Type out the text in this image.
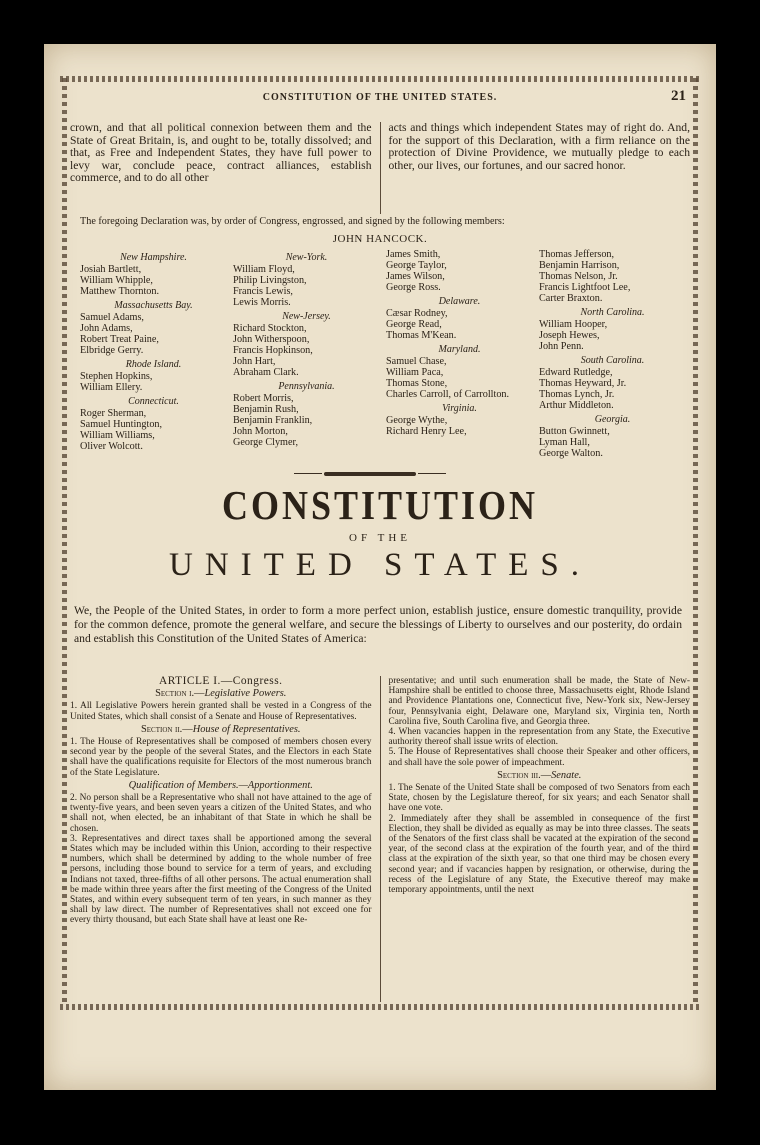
CONSTITUTION OF THE UNITED STATES.	21

crown, and that all political connexion between them and the State of Great Britain, is, and ought to be, totally dissolved; and that, as Free and Independent States, they have full power to levy war, conclude peace, contract alliances, establish commerce, and to do all other

acts and things which independent States may of right do. And, for the support of this Declaration, with a firm reliance on the protection of Divine Providence, we mutually pledge to each other, our lives, our fortunes, and our sacred honor.

The foregoing Declaration was, by order of Congress, engrossed, and signed by the following members:
JOHN HANCOCK.
New Hampshire.
Josiah Bartlett,
William Whipple,
Matthew Thornton.
Massachusetts Bay.
Samuel Adams,
John Adams,
Robert Treat Paine,
Elbridge Gerry.
Rhode Island.
Stephen Hopkins,
William Ellery.
Connecticut.
Roger Sherman,
Samuel Huntington,
William Williams,
Oliver Wolcott.
New-York.
William Floyd,
Philip Livingston,
Francis Lewis,
Lewis Morris.
New-Jersey.
Richard Stockton,
John Witherspoon,
Francis Hopkinson,
John Hart,
Abraham Clark.
Pennsylvania.
Robert Morris,
Benjamin Rush,
Benjamin Franklin,
John Morton,
George Clymer,
James Smith,
George Taylor,
James Wilson,
George Ross.
Delaware.
Cæsar Rodney,
George Read,
Thomas M'Kean.
Maryland.
Samuel Chase,
William Paca,
Thomas Stone,
Charles Carroll, of Carrollton.
Virginia.
George Wythe,
Richard Henry Lee,
Thomas Jefferson,
Benjamin Harrison,
Thomas Nelson, Jr.
Francis Lightfoot Lee,
Carter Braxton.
North Carolina.
William Hooper,
Joseph Hewes,
John Penn.
South Carolina.
Edward Rutledge,
Thomas Heyward, Jr.
Thomas Lynch, Jr.
Arthur Middleton.
Georgia.
Button Gwinnett,
Lyman Hall,
George Walton.
CONSTITUTION
OF THE
UNITED STATES.
We, the People of the United States, in order to form a more perfect union, establish justice, ensure domestic tranquility, provide for the common defence, promote the general welfare, and secure the blessings of Liberty to ourselves and our posterity, do ordain and establish this Constitution of the United States of America:
ARTICLE I.—Congress.
Section i.—Legislative Powers.

1. All Legislative Powers herein granted shall be vested in a Congress of the United States, which shall consist of a Senate and House of Representatives.

Section ii.—House of Representatives.

1. The House of Representatives shall be composed of members chosen every second year by the people of the several States, and the Electors in each State shall have the qualifications requisite for Electors of the most numerous branch of the State Legislature.

Qualification of Members.—Apportionment.

2. No person shall be a Representative who shall not have attained to the age of twenty-five years, and been seven years a citizen of the United States, and who shall not, when elected, be an inhabitant of that State in which he shall be chosen.

3. Representatives and direct taxes shall be apportioned among the several States which may be included within this Union, according to their respective numbers, which shall be determined by adding to the whole number of free persons, including those bound to service for a term of years, and excluding Indians not taxed, three-fifths of all other persons. The actual enumeration shall be made within three years after the first meeting of the Congress of the United States, and within every subsequent term of ten years, in such manner as they shall by law direct. The number of Representatives shall not exceed one for every thirty thousand, but each State shall have at least one Re-

presentative; and until such enumeration shall be made, the State of New-Hampshire shall be entitled to choose three, Massachusetts eight, Rhode Island and Providence Plantations one, Connecticut five, New-York six, New-Jersey four, Pennsylvania eight, Delaware one, Maryland six, Virginia ten, North Carolina five, South Carolina five, and Georgia three.

4. When vacancies happen in the representation from any State, the Executive authority thereof shall issue writs of election.

5. The House of Representatives shall choose their Speaker and other officers, and shall have the sole power of impeachment.

Section iii.—Senate.

1. The Senate of the United State shall be composed of two Senators from each State, chosen by the Legislature thereof, for six years; and each Senator shall have one vote.

2. Immediately after they shall be assembled in consequence of the first Election, they shall be divided as equally as may be into three classes. The seats of the Senators of the first class shall be vacated at the expiration of the second year, of the second class at the expiration of the fourth year, and of the third class at the expiration of the sixth year, so that one third may be chosen every second year; and if vacancies happen by resignation, or otherwise, during the recess of the Legislature of any State, the Executive thereof may make temporary appointments, until the next
